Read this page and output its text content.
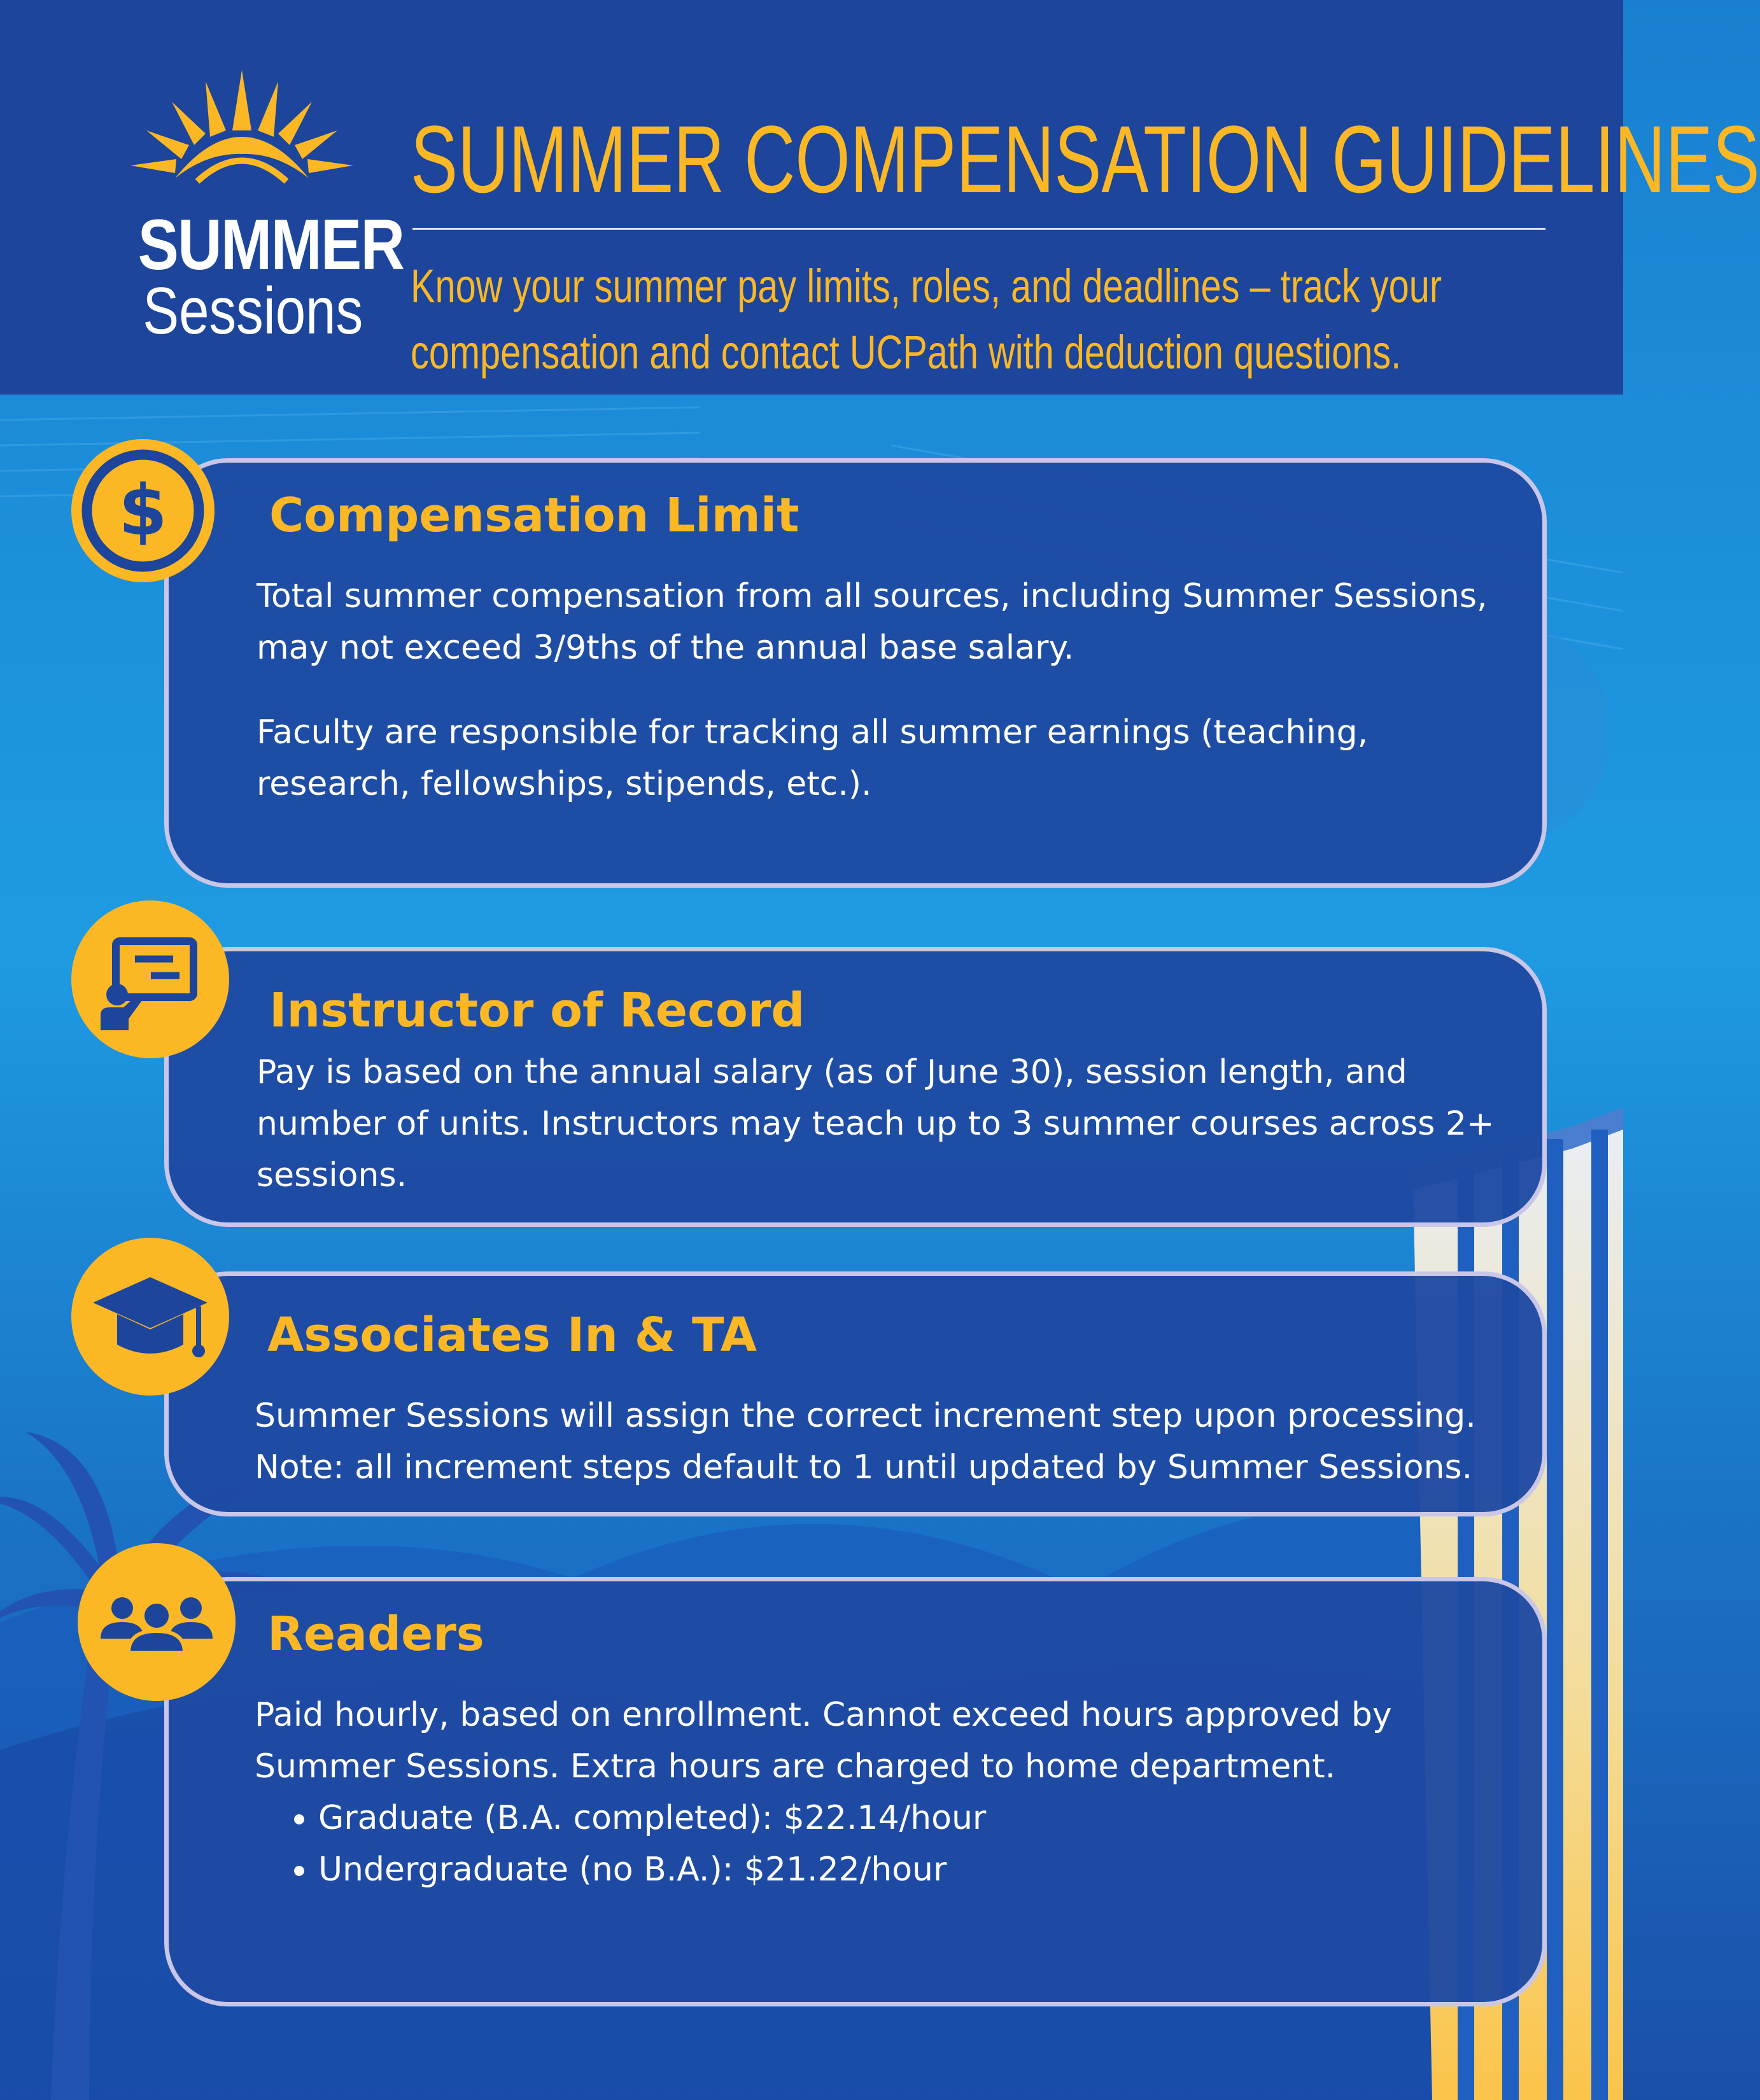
SUMMER
Sessions
SUMMER COMPENSATION GUIDELINES
Know your summer pay limits, roles, and deadlines – track your compensation and contact UCPath with deduction questions.
Compensation Limit

Total summer compensation from all sources, including Summer Sessions, may not exceed 3/9ths of the annual base salary.

Faculty are responsible for tracking all summer earnings (teaching, research, fellowships, stipends, etc.).

$
Instructor of Record

Pay is based on the annual salary (as of June 30), session length, and number of units. Instructors may teach up to 3 summer courses across 2+ sessions.

Associates In & TA

Summer Sessions will assign the correct increment step upon processing. Note: all increment steps default to 1 until updated by Summer Sessions.

Readers

Paid hourly, based on enrollment. Cannot exceed hours approved by Summer Sessions. Extra hours are charged to home department.

• Graduate (B.A. completed): $22.14/hour
• Undergraduate (no B.A.): $21.22/hour
